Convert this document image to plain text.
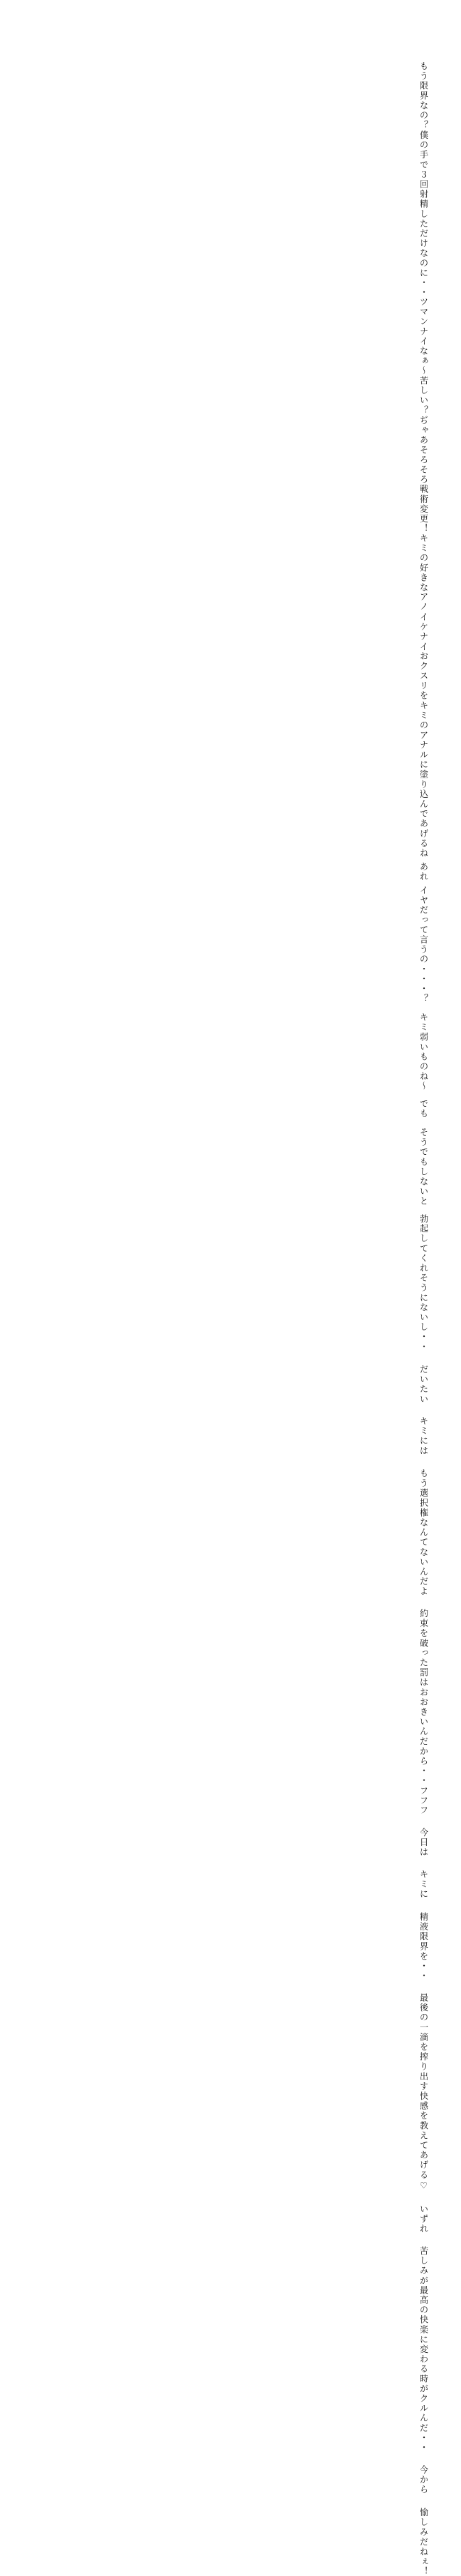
もう限界なの？
僕の手で３回射精しただけなのに・・
ツマンナイなぁ～
苦しい？
ぢゃあそろそろ戦術変更！
キミの好きな
アノ
イケナイ
おクスリを
キミのアナルに塗り込んであげるね
あれ
イヤだって言うの・・・？
キミ弱いものね～
でも
そうでもしないと
勃起してくれそうにないし・・
だいたい
キミには
もう選択権なんてないんだよ
約束を破った罰はおおきいんだから・・フフフ
今日は
キミに
精液限界を・・
最後の一滴を搾り出す快感を教えてあげる♡
いずれ
苦しみが最高の快楽に変わる時がクルんだ・・
今から
愉しみだねぇ！
